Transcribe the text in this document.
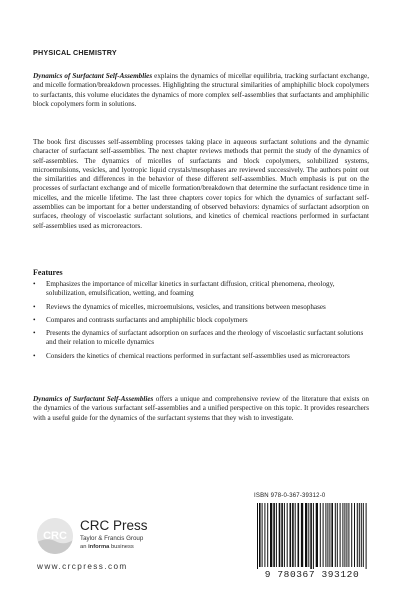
PHYSICAL CHEMISTRY
Dynamics of Surfactant Self-Assemblies explains the dynamics of micellar equilibria, tracking surfactant exchange, and micelle formation/breakdown processes. Highlighting the structural similarities of amphiphilic block copolymers to surfactants, this volume elucidates the dynamics of more complex self-assemblies that surfactants and amphiphilic block copolymers form in solutions.
The book first discusses self-assembling processes taking place in aqueous surfactant solutions and the dynamic character of surfactant self-assemblies. The next chapter reviews methods that permit the study of the dynamics of self-assemblies. The dynamics of micelles of surfactants and block copolymers, solubilized systems, microemulsions, vesicles, and lyotropic liquid crystals/mesophases are reviewed successively. The authors point out the similarities and differences in the behavior of these different self-assemblies. Much emphasis is put on the processes of surfactant exchange and of micelle formation/breakdown that determine the surfactant residence time in micelles, and the micelle lifetime. The last three chapters cover topics for which the dynamics of surfactant self-assemblies can be important for a better understanding of observed behaviors: dynamics of surfactant adsorption on surfaces, rheology of viscoelastic surfactant solutions, and kinetics of chemical reactions performed in surfactant self-assemblies used as microreactors.
Features
•	Emphasizes the importance of micellar kinetics in surfactant diffusion, critical phenomena, rheology, solubilization, emulsification, wetting, and foaming
•	Reviews the dynamics of micelles, microemulsions, vesicles, and transitions between mesophases
•	Compares and contrasts surfactants and amphiphilic block copolymers
•	Presents the dynamics of surfactant adsorption on surfaces and the rheology of viscoelastic surfactant solutions and their relation to micelle dynamics
•	Considers the kinetics of chemical reactions performed in surfactant self-assemblies used as microreactors
Dynamics of Surfactant Self-Assemblies offers a unique and comprehensive review of the literature that exists on the dynamics of the various surfactant self-assemblies and a unified perspective on this topic. It provides researchers with a useful guide for the dynamics of the surfactant systems that they wish to investigate.
CRC
CRC Press
Taylor & Francis Group
an informa business
www.crcpress.com
ISBN 978-0-367-39312-0
9 780367 393120
